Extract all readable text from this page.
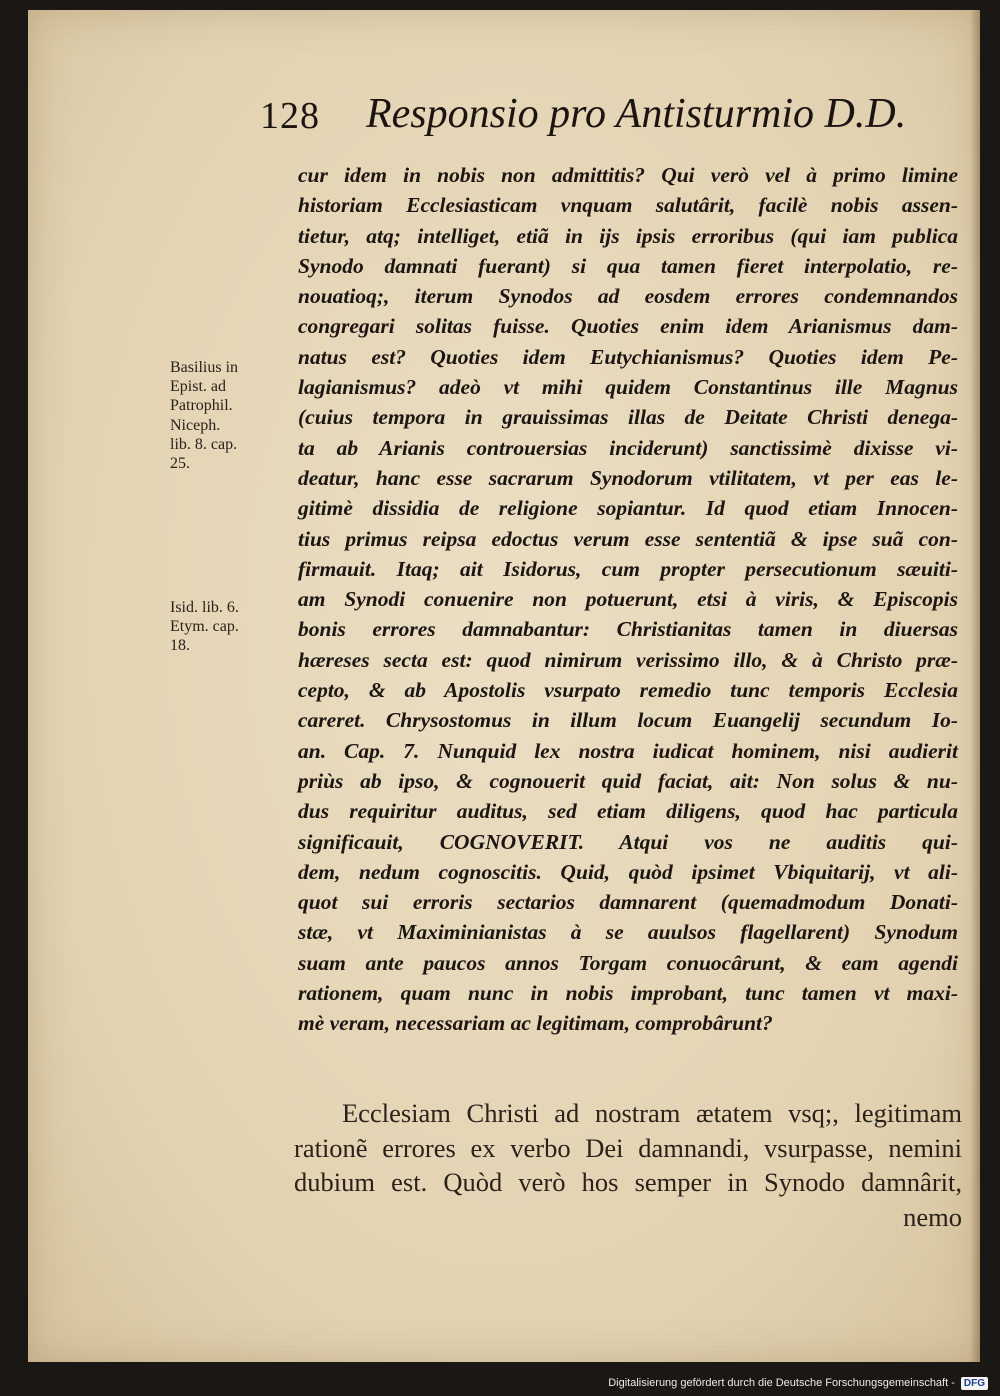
128 Responsio pro Antisturmio D.D.
Basilius in
Epist. ad
Patrophil.
Niceph.
lib. 8. cap.
25.
Isid. lib. 6.
Etym. cap.
18.
cur idem in nobis non admittitis? Qui verò vel à primo limine
historiam Ecclesiasticam vnquam salutârit, facilè nobis assen-
tietur, atq; intelliget, etiã in ijs ipsis erroribus (qui iam publica
Synodo damnati fuerant) si qua tamen fieret interpolatio, re-
nouatioq;, iterum Synodos ad eosdem errores condemnandos
congregari solitas fuisse. Quoties enim idem Arianismus dam-
natus est? Quoties idem Eutychianismus? Quoties idem Pe-
lagianismus? adeò vt mihi quidem Constantinus ille Magnus
(cuius tempora in grauissimas illas de Deitate Christi denega-
ta ab Arianis controuersias inciderunt) sanctissimè dixisse vi-
deatur, hanc esse sacrarum Synodorum vtilitatem, vt per eas le-
gitimè dissidia de religione sopiantur. Id quod etiam Innocen-
tius primus reipsa edoctus verum esse sententiã & ipse suã con-
firmauit. Itaq; ait Isidorus, cum propter persecutionum sæuiti-
am Synodi conuenire non potuerunt, etsi à viris, & Episcopis
bonis errores damnabantur: Christianitas tamen in diuersas
hæreses secta est: quod nimirum verissimo illo, & à Christo præ-
cepto, & ab Apostolis vsurpato remedio tunc temporis Ecclesia
careret. Chrysostomus in illum locum Euangelij secundum Io-
an. Cap. 7. Nunquid lex nostra iudicat hominem, nisi audierit
priùs ab ipso, & cognouerit quid faciat, ait: Non solus & nu-
dus requiritur auditus, sed etiam diligens, quod hac particula
significauit, COGNOVERIT. Atqui vos ne auditis qui-
dem, nedum cognoscitis. Quid, quòd ipsimet Vbiquitarij, vt ali-
quot sui erroris sectarios damnarent (quemadmodum Donati-
stæ, vt Maximinianistas à se auulsos flagellarent) Synodum
suam ante paucos annos Torgam conuocârunt, & eam agendi
rationem, quam nunc in nobis improbant, tunc tamen vt maxi-
mè veram, necessariam ac legitimam, comprobârunt?
Ecclesiam Christi ad nostram ætatem vsq;, legitimam
rationẽ errores ex verbo Dei damnandi, vsurpasse, nemini
dubium est. Quòd verò hos semper in Synodo damnârit,
nemo
Digitalisierung gefördert durch die Deutsche Forschungsgemeinschaft - DFG
